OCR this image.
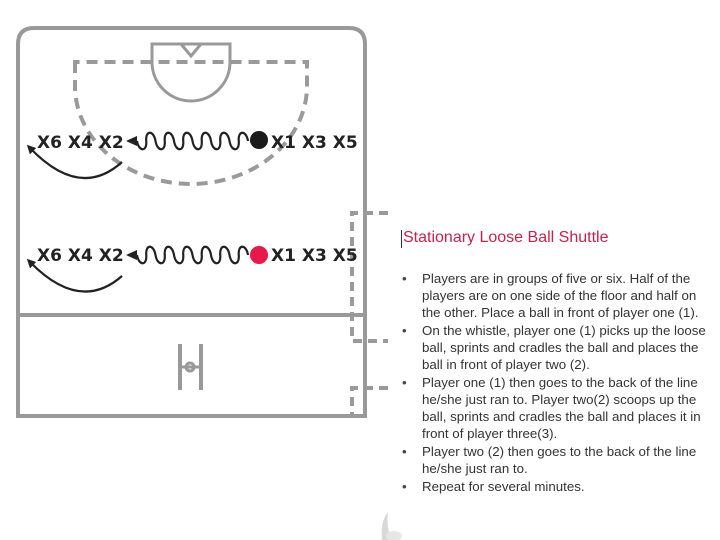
X6 X4 X2	X1 X3 X5
X6 X4 X2	X1 X3 X5
Stationary Loose Ball Shuttle
• Players are in groups of five or six. Half of the players are on one side of the floor and half on the other. Place a ball in front of player one (1).
• On the whistle, player one (1) picks up the loose ball, sprints and cradles the ball and places the ball in front of player two (2).
• Player one (1) then goes to the back of the line he/she just ran to. Player two(2) scoops up the ball, sprints and cradles the ball and places it in front of player three(3).
• Player two (2) then goes to the back of the line he/she just ran to.
• Repeat for several minutes.
